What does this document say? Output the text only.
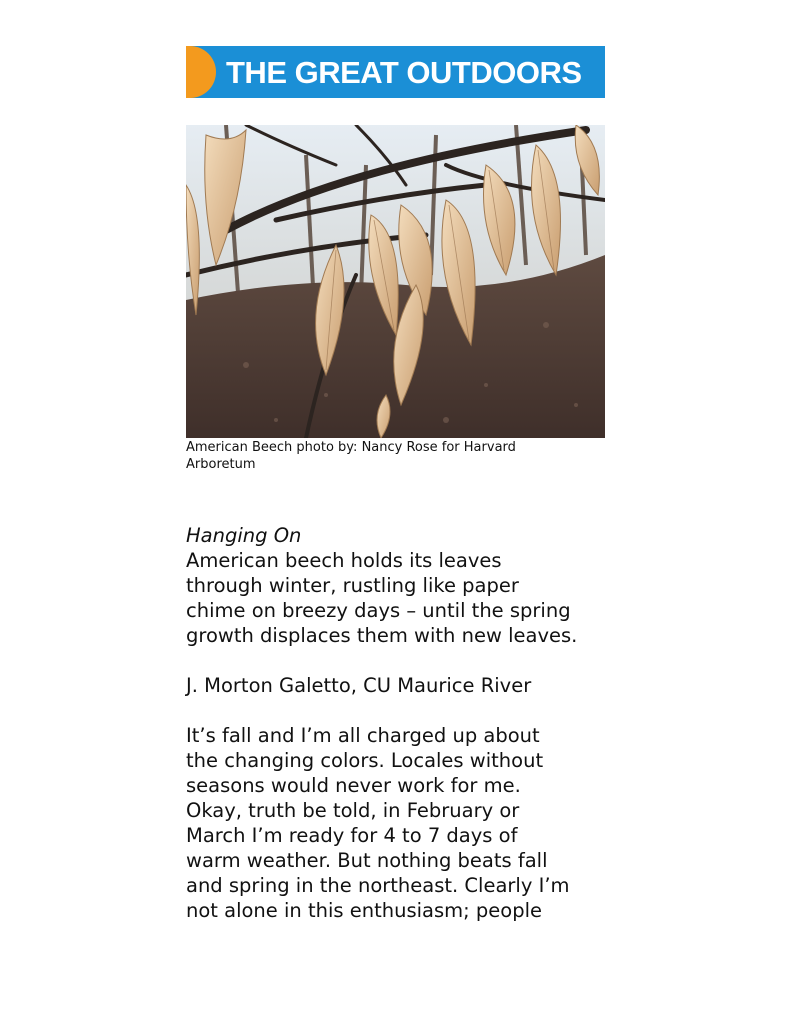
THE GREAT OUTDOORS
American Beech photo by: Nancy Rose for Harvard
Arboretum

Hanging On

American beech holds its leaves

through winter, rustling like paper

chime on breezy days – until the spring

growth displaces them with new leaves.

J. Morton Galetto, CU Maurice River

It’s fall and I’m all charged up about

the changing colors. Locales without

seasons would never work for me.

Okay, truth be told, in February or

March I’m ready for 4 to 7 days of

warm weather. But nothing beats fall

and spring in the northeast. Clearly I’m

not alone in this enthusiasm; people
